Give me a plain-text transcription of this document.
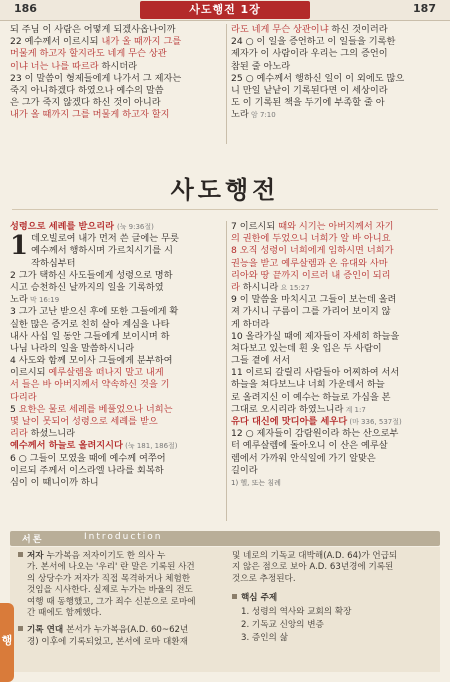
186	사도행전 1장	187
되 주님 이 사람은 어떻게 되겠사옵나이까
22 예수께서 이르시되 내가 올 때까지 그를
머물게 하고자 할지라도 네게 무슨 상관
이냐 너는 나를 따르라 하시더라
23 이 말씀이 형제들에게 나가서 그 제자는
죽지 아니하겠다 하였으나 예수의 말씀
은 그가 죽지 않겠다 하신 것이 아니라
내가 올 때까지 그를 머물게 하고자 할지
라도 네게 무슨 상관이냐 하신 것이러라
24 ○ 이 일을 증언하고 이 일들을 기록한
제자가 이 사람이라 우리는 그의 증언이
참된 줄 아노라
25 ○ 예수께서 행하신 일이 이 외에도 많으
니 만일 낱낱이 기록된다면 이 세상이라
도 이 기록된 책을 두기에 부족할 줄 아
노라 암 7:10
사도행전
성령으로 세례를 받으리라 (눅 9:36절)
1 데오빌로여 내가 먼저 쓴 글에는 무릇
예수께서 행하시며 가르치시기를 시
작하심부터
2 그가 택하신 사도들에게 성령으로 명하
시고 승천하신 날까지의 일을 기록하였
노라 막 16:19
3 그가 고난 받으신 후에 또한 그들에게 확
실한 많은 증거로 친히 살아 계심을 나타
내사 사십 일 동안 그들에게 보이시며 하
나님 나라의 일을 말씀하시니라
4 사도와 함께 모이사 그들에게 분부하여
이르시되 예루살렘을 떠나지 말고 내게
서 들은 바 아버지께서 약속하신 것을 기
다리라
5 요한은 물로 세례를 베풀었으나 너희는
몇 날이 못되어 성령으로 세례를 받으
리라 하셨느니라
예수께서 하늘로 올려지시다 (눅 181, 186절)
6 ○ 그들이 모였을 때에 예수께 여쭈어
이르되 주께서 이스라엘 나라를 회복하
심이 이 때니이까 하니
7 이르시되 때와 시기는 아버지께서 자기
의 권한에 두었으니 너희가 알 바 아니요
8 오직 성령이 너희에게 임하시면 너희가
권능을 받고 예루살렘과 온 유대와 사마
리아와 땅 끝까지 이르러 내 증인이 되리
라 하시니라 요 15:27
9 이 말씀을 마치시고 그들이 보는데 올려
져 가시니 구름이 그를 가리어 보이지 않
게 하더라
10 올라가실 때에 제자들이 자세히 하늘을
쳐다보고 있는데 흰 옷 입은 두 사람이
그들 곁에 서서
11 이르되 갈릴리 사람들아 어찌하여 서서
하늘을 쳐다보느냐 너희 가운데서 하늘
로 올려지신 이 예수는 하늘로 가심을 본
그대로 오시리라 하였느니라 계 1:7
유다 대신에 맛디아를 세우다 (마 336, 537절)
12 ○ 제자들이 감람원이라 하는 산으로부
터 예루살렘에 돌아오니 이 산은 예루살
렘에서 가까워 안식일에 가기 알맞은
길이라
1) 헬, 또는 침례
서론	Introduction
저자 누가복음 저자이기도 한 의사 누
가. 본서에 나오는 '우리' 란 말은 기록된 사건
의 상당수가 저자가 직접 목격하거나 체험한
것임을 시사한다. 실제로 누가는 바울의 전도
여행 때 동행했고, 그가 죄수 신분으로 로마에
간 때에도 함께했다.
기록 연대 본서가 누가복음(A.D. 60~62년
경) 이후에 기록되었고, 본서에 로마 대환재
및 네로의 기독교 대박해(A.D. 64)가 언급되
지 않은 점으로 보아 A.D. 63년경에 기록된
것으로 추정된다.
핵심 주제
1. 성령의 역사와 교회의 확장
2. 기독교 신앙의 변증
3. 증인의 삶
행
